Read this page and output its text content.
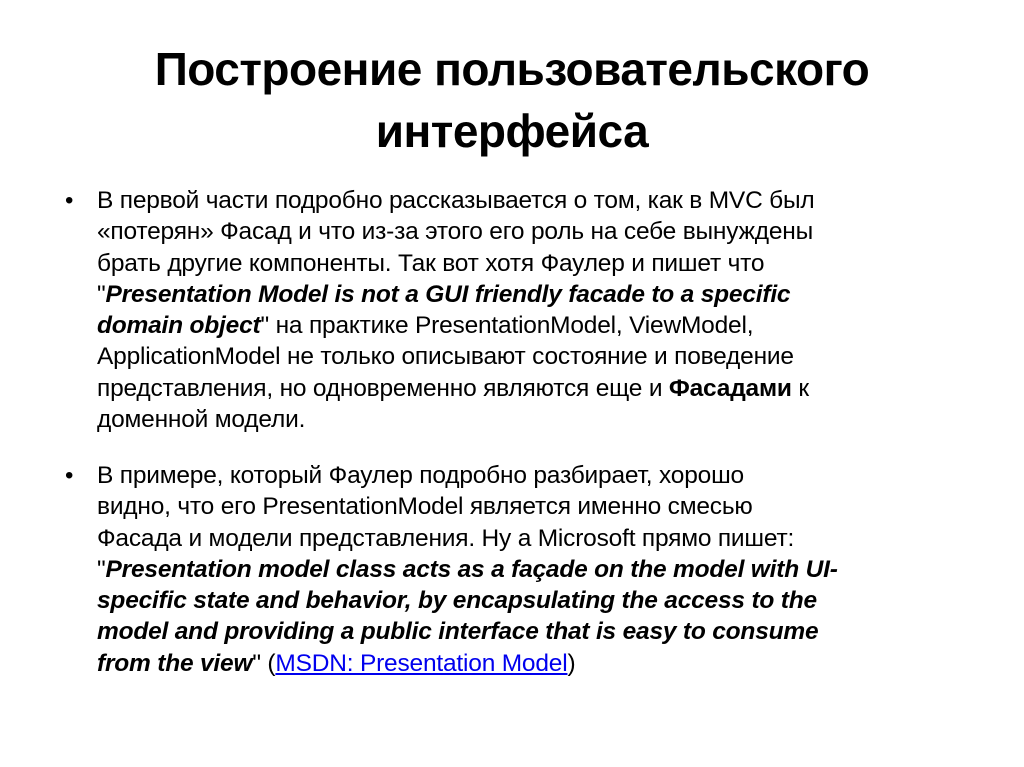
Построение пользовательского
интерфейса
• В первой части подробно рассказывается о том, как в MVC был
«потерян» Фасад и что из-за этого его роль на себе вынуждены
брать другие компоненты. Так вот хотя Фаулер и пишет что
"Presentation Model is not a GUI friendly facade to a specific
domain object" на практике PresentationModel, ViewModel,
ApplicationModel не только описывают состояние и поведение
представления, но одновременно являются еще и Фасадами к
доменной модели.
• В примере, который Фаулер подробно разбирает, хорошо
видно, что его PresentationModel является именно смесью
Фасада и модели представления. Ну а Microsoft прямо пишет:
"Presentation model class acts as a façade on the model with UI-
specific state and behavior, by encapsulating the access to the
model and providing a public interface that is easy to consume
from the view" (MSDN: Presentation Model)
